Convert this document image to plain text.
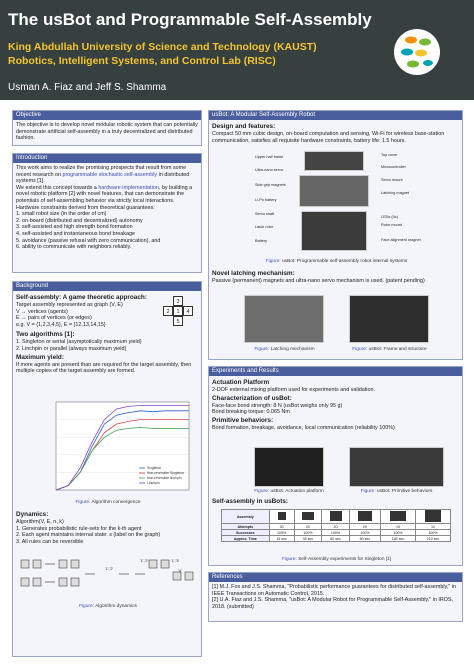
The usBot and Programmable Self-Assembly
King Abdullah University of Science and Technology (KAUST)
Robotics, Intelligent Systems, and Control Lab (RISC)
Usman A. Fiaz and Jeff S. Shamma
Objective
The objective is to develop novel modular robotic system that can potentially demonstrate artificial self-assembly in a truly decentralized and distributed fashion.
Introduction
This work aims to realize the promising prospects that result from some recent research on programmable stochastic self-assembly in distributed systems [1].
We extend this concept towards a hardware implementation, by building a novel robotic platform [2] with novel features, that can demonstrate the potentials of self-assembling behavior via strictly local interactions.
Hardware constraints derived from theoretical guarantees:
1. small robot size (in the order of cm)
2. on-board (distributed and decentralized) autonomy
3. self-assisted and high strength bond formation
4. self-assisted and instantaneous bond breakage
5. avoidance (passive refusal with zero communication), and
6. ability to communicate with neighbors reliably.
Background
Self-assembly: A game theoretic approach:
Target assembly represented as graph (V, E)
V → vertices (agents)
E → pairs of vertices (or edges)
e.g. V = {1,2,3,4,5}, E = {12,13,14,15}
Two algorithms [1]:
1. Singleton or serial (asymptotically maximum yield)
2. Linchpin or parallel (always maximum yield)
Maximum yield:
If more agents are present than are required for the target assembly, then multiple copies of the target assembly are formed.
3
2	1	4
5
Singleton
Non-reversible Singleton
Non-reversible linchpin
Linchpin
Figure: Algorithm convergence
Dynamics:
Algorithm(V, E, n, k)
1. Generates probabilistic rule-sets for the k-th agent
2. Each agent maintains internal state: s (label on the graph)
3. All rules can be reversible
'1','2'
'1','2'	'1','3'
'4'
Figure: Algorithm dynamics
usBot: A Modular Self-Assembly Robot
Design and features:
Compact 50 mm cubic design, on-board computation and sensing, Wi-Fi for wireless base-station communication, satisfies all requisite hardware constraints, battery life: 1.5 hours.
Upper half frame
Ultra-nano servo
Side grip magnets
Li-Po battery
Servo shaft
Latch rotor
Battery
Top cover
Microcontroller
Servo mount
Latching magnet
LEDs (5x)
Rotor mount
Face alignment magnet
Figure: usBot: Programmable self-assembly robot internal systems
Novel latching mechanism:
Passive (permanent) magnets and ultra-nano servo mechanism is used. (patent pending)
Figure: Latching mechanism	Figure: usBot: Frame and structure
Experiments and Results
Actuation Platform
2-DOF external mixing platform used for experiments and validation.
Characterization of usBot:
Face-face bond strength: 8 N (usBot weighs only 95 g)
Bond breaking torque: 0.065 Nm
Primitive behaviors:
Bond formation, breakage, avoidance, local communication (reliability 100%)
Figure: usBot: Actuation platform	Figure: usBot: Primitive behaviors
Self-assembly in usBots:
Assembly						
Attempts	30	20	20	20	10	10
Successes	100%	100%	100%	100%	100%	100%
Approx. Time	15 sec	35 sec	60 sec	80 sec	180 sec	210 sec
Figure: Self-Assembly experiments for Singleton [1]
References
[1] M.J. Fox and J.S. Shamma, "Probabilistic performance guarantees for distributed self-assembly," in IEEE Transactions on Automatic Control, 2015.
[2] U.A. Fiaz and J.S. Shamma, "usBot: A Modular Robot for Programmable Self-Assembly," in IROS, 2018. (submitted)
